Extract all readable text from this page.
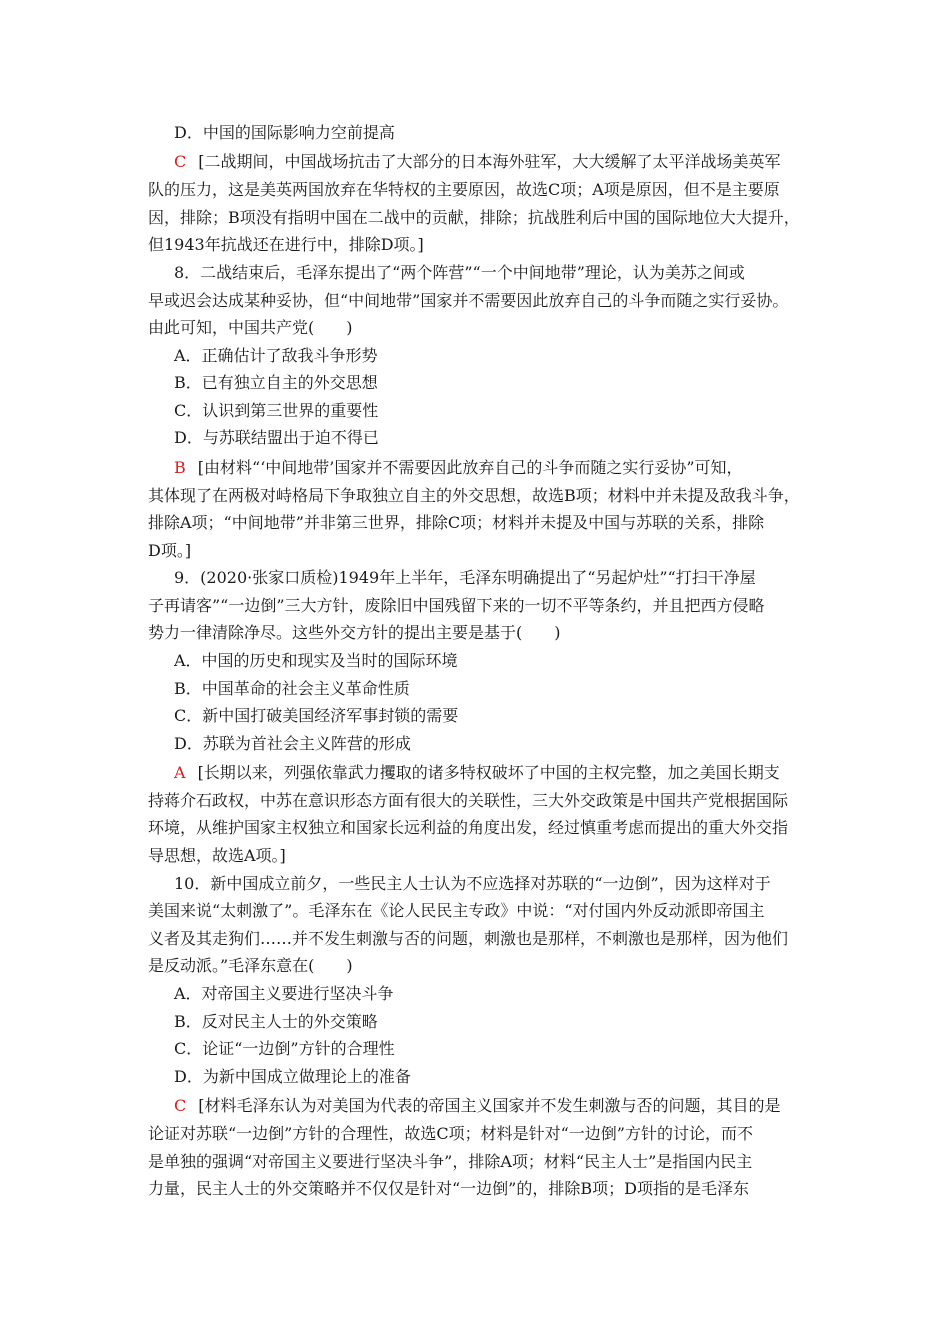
D．中国的国际影响力空前提高
C [二战期间，中国战场抗击了大部分的日本海外驻军，大大缓解了太平洋战场美英军
队的压力，这是美英两国放弃在华特权的主要原因，故选C项；A项是原因，但不是主要原
因，排除；B项没有指明中国在二战中的贡献，排除；抗战胜利后中国的国际地位大大提升，
但1943年抗战还在进行中，排除D项。]
8．二战结束后，毛泽东提出了“两个阵营”“一个中间地带”理论，认为美苏之间或
早或迟会达成某种妥协，但“中间地带”国家并不需要因此放弃自己的斗争而随之实行妥协。
由此可知，中国共产党(　　)
A．正确估计了敌我斗争形势
B．已有独立自主的外交思想
C．认识到第三世界的重要性
D．与苏联结盟出于迫不得已
B [由材料“‘中间地带’国家并不需要因此放弃自己的斗争而随之实行妥协”可知，
其体现了在两极对峙格局下争取独立自主的外交思想，故选B项；材料中并未提及敌我斗争，
排除A项；“中间地带”并非第三世界，排除C项；材料并未提及中国与苏联的关系，排除
D项。]
9．(2020·张家口质检)1949年上半年，毛泽东明确提出了“另起炉灶”“打扫干净屋
子再请客”“一边倒”三大方针，废除旧中国残留下来的一切不平等条约，并且把西方侵略
势力一律清除净尽。这些外交方针的提出主要是基于(　　)
A．中国的历史和现实及当时的国际环境
B．中国革命的社会主义革命性质
C．新中国打破美国经济军事封锁的需要
D．苏联为首社会主义阵营的形成
A [长期以来，列强依靠武力攫取的诸多特权破坏了中国的主权完整，加之美国长期支
持蒋介石政权，中苏在意识形态方面有很大的关联性，三大外交政策是中国共产党根据国际
环境，从维护国家主权独立和国家长远利益的角度出发，经过慎重考虑而提出的重大外交指
导思想，故选A项。]
10．新中国成立前夕，一些民主人士认为不应选择对苏联的“一边倒”，因为这样对于
美国来说“太刺激了”。毛泽东在《论人民民主专政》中说：“对付国内外反动派即帝国主
义者及其走狗们……并不发生刺激与否的问题，刺激也是那样，不刺激也是那样，因为他们
是反动派。”毛泽东意在(　　)
A．对帝国主义要进行坚决斗争
B．反对民主人士的外交策略
C．论证“一边倒”方针的合理性
D．为新中国成立做理论上的准备
C [材料毛泽东认为对美国为代表的帝国主义国家并不发生刺激与否的问题，其目的是
论证对苏联“一边倒”方针的合理性，故选C项；材料是针对“一边倒”方针的讨论，而不
是单独的强调“对帝国主义要进行坚决斗争”，排除A项；材料“民主人士”是指国内民主
力量，民主人士的外交策略并不仅仅是针对“一边倒”的，排除B项；D项指的是毛泽东
